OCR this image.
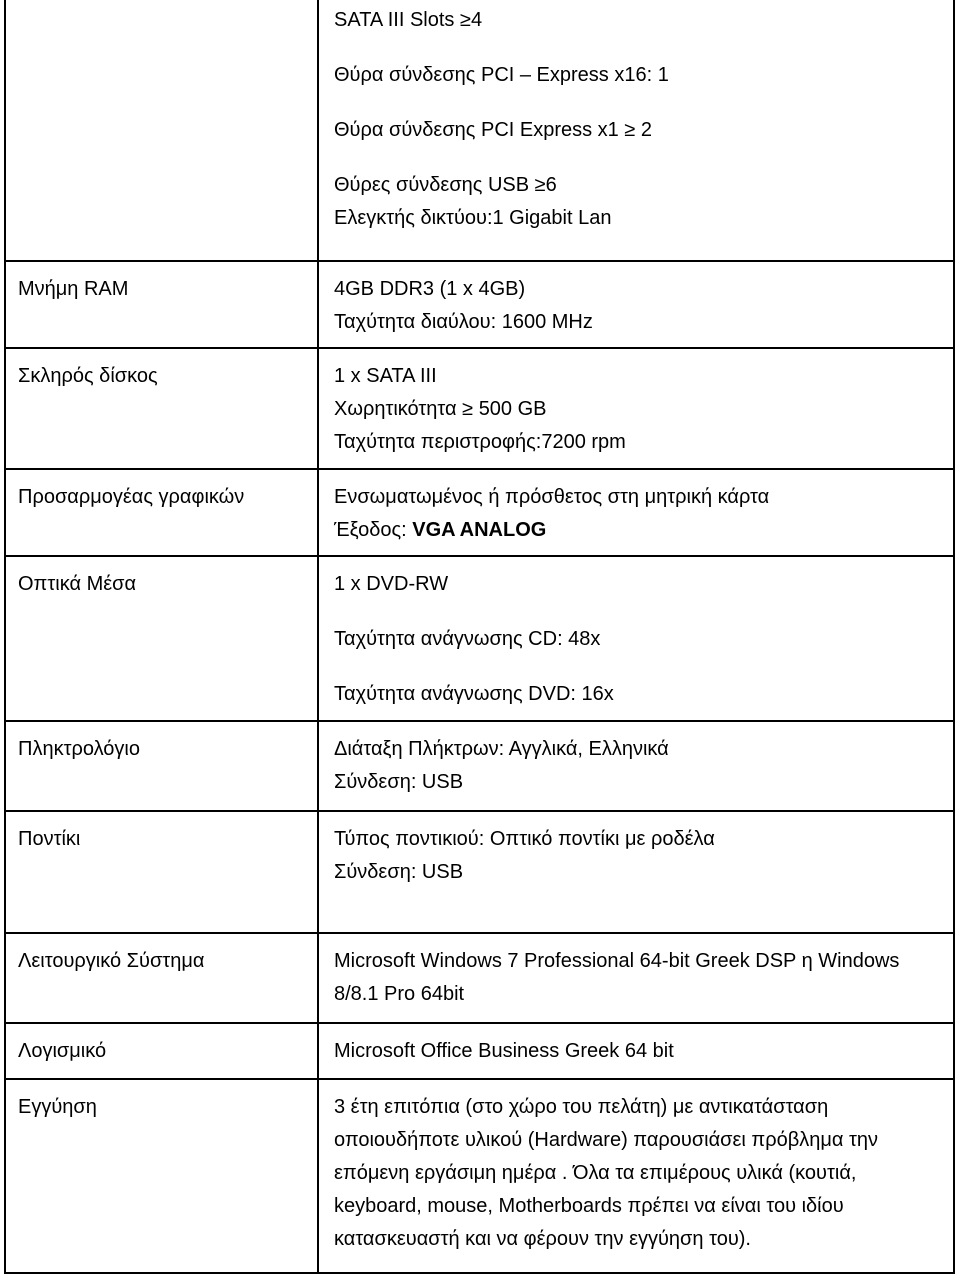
	SATA III Slots ≥4
Θύρα σύνδεσης PCI – Express x16: 1
Θύρα σύνδεσης PCI Express x1 ≥ 2
Θύρες σύνδεσης USB ≥6
Ελεγκτής δικτύου:1 Gigabit Lan

Μνήμη RAM	4GB DDR3 (1 x 4GB)
Ταχύτητα διαύλου: 1600 MHz

Σκληρός δίσκος	1 x SATA III
Χωρητικότητα ≥ 500 GB
Ταχύτητα περιστροφής:7200 rpm

Προσαρμογέας γραφικών	Ενσωματωμένος ή πρόσθετος στη μητρική κάρτα
Έξοδος: VGA ANALOG

Οπτικά Μέσα	1 x DVD-RW
Ταχύτητα ανάγνωσης CD: 48x
Ταχύτητα ανάγνωσης DVD: 16x

Πληκτρολόγιο	Διάταξη Πλήκτρων: Αγγλικά, Ελληνικά
Σύνδεση: USB

Ποντίκι	Τύπος ποντικιού: Οπτικό ποντίκι με ροδέλα
Σύνδεση: USB

Λειτουργικό Σύστημα	Microsoft Windows 7 Professional 64-bit Greek DSP η Windows
8/8.1 Pro 64bit

Λογισμικό	Microsoft Office Business Greek 64 bit

Εγγύηση	3 έτη επιτόπια (στο χώρο του πελάτη) με αντικατάσταση
οποιουδήποτε υλικού (Hardware) παρουσιάσει πρόβλημα την
επόμενη εργάσιμη ημέρα . Όλα τα επιμέρους υλικά (κουτιά,
keyboard, mouse, Motherboards πρέπει να είναι του ιδίου
κατασκευαστή και να φέρουν την εγγύηση του).
